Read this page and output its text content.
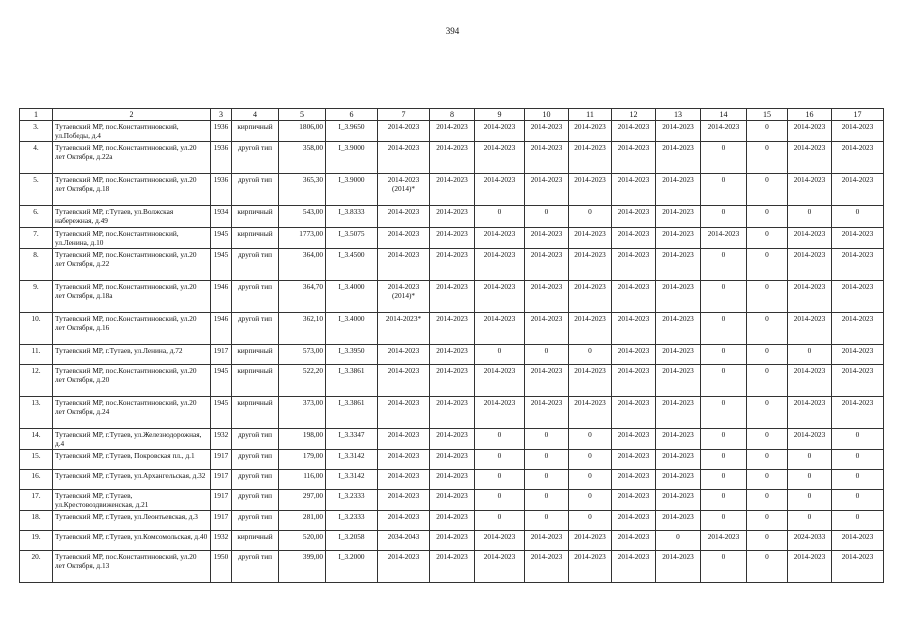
394
1	2	3	4	5	6	7	8	9	10	11	12	13	14	15	16	17
3.	Тутаевский МР, пос.Константиновский, ул.Победы, д.4	1936	кирпичный	1806,00	I_3.9650	2014-2023	2014-2023	2014-2023	2014-2023	2014-2023	2014-2023	2014-2023	2014-2023	0	2014-2023	2014-2023
4.	Тутаевский МР, пос.Константиновский, ул.20 лет Октября, д.22а	1936	другой тип	358,00	I_3.9000	2014-2023	2014-2023	2014-2023	2014-2023	2014-2023	2014-2023	2014-2023	0	0	2014-2023	2014-2023
5.	Тутаевский МР, пос.Константиновский, ул.20 лет Октября, д.18	1936	другой тип	365,30	I_3.9000	2014-2023 (2014)*	2014-2023	2014-2023	2014-2023	2014-2023	2014-2023	2014-2023	0	0	2014-2023	2014-2023
6.	Тутаевский МР, г.Тутаев, ул.Волжская набережная, д.49	1934	кирпичный	543,00	I_3.8333	2014-2023	2014-2023	0	0	0	2014-2023	2014-2023	0	0	0	0
7.	Тутаевский МР, пос.Константиновский, ул.Ленина, д.10	1945	кирпичный	1773,00	I_3.5075	2014-2023	2014-2023	2014-2023	2014-2023	2014-2023	2014-2023	2014-2023	2014-2023	0	2014-2023	2014-2023
8.	Тутаевский МР, пос.Константиновский, ул.20 лет Октября, д.22	1945	другой тип	364,00	I_3.4500	2014-2023	2014-2023	2014-2023	2014-2023	2014-2023	2014-2023	2014-2023	0	0	2014-2023	2014-2023
9.	Тутаевский МР, пос.Константиновский, ул.20 лет Октября, д.18а	1946	другой тип	364,70	I_3.4000	2014-2023 (2014)*	2014-2023	2014-2023	2014-2023	2014-2023	2014-2023	2014-2023	0	0	2014-2023	2014-2023
10.	Тутаевский МР, пос.Константиновский, ул.20 лет Октября, д.16	1946	другой тип	362,10	I_3.4000	2014-2023*	2014-2023	2014-2023	2014-2023	2014-2023	2014-2023	2014-2023	0	0	2014-2023	2014-2023
11.	Тутаевский МР, г.Тутаев, ул.Ленина, д.72	1917	кирпичный	573,00	I_3.3950	2014-2023	2014-2023	0	0	0	2014-2023	2014-2023	0	0	0	2014-2023
12.	Тутаевский МР, пос.Константиновский, ул.20 лет Октября, д.20	1945	кирпичный	522,20	I_3.3861	2014-2023	2014-2023	2014-2023	2014-2023	2014-2023	2014-2023	2014-2023	0	0	2014-2023	2014-2023
13.	Тутаевский МР, пос.Константиновский, ул.20 лет Октября, д.24	1945	кирпичный	373,00	I_3.3861	2014-2023	2014-2023	2014-2023	2014-2023	2014-2023	2014-2023	2014-2023	0	0	2014-2023	2014-2023
14.	Тутаевский МР, г.Тутаев, ул.Железнодорожная, д.4	1932	другой тип	198,00	I_3.3347	2014-2023	2014-2023	0	0	0	2014-2023	2014-2023	0	0	2014-2023	0
15.	Тутаевский МР, г.Тутаев, Покровская пл., д.1	1917	другой тип	179,00	I_3.3142	2014-2023	2014-2023	0	0	0	2014-2023	2014-2023	0	0	0	0
16.	Тутаевский МР, г.Тутаев, ул.Архангельская, д.32	1917	другой тип	116,00	I_3.3142	2014-2023	2014-2023	0	0	0	2014-2023	2014-2023	0	0	0	0
17.	Тутаевский МР, г.Тутаев, ул.Крестовоздвиженская, д.21	1917	другой тип	297,00	I_3.2333	2014-2023	2014-2023	0	0	0	2014-2023	2014-2023	0	0	0	0
18.	Тутаевский МР, г.Тутаев, ул.Леонтьевская, д.3	1917	другой тип	281,00	I_3.2333	2014-2023	2014-2023	0	0	0	2014-2023	2014-2023	0	0	0	0
19.	Тутаевский МР, г.Тутаев, ул.Комсомольская, д.40	1932	кирпичный	520,00	I_3.2058	2034-2043	2014-2023	2014-2023	2014-2023	2014-2023	2014-2023	0	2014-2023	0	2024-2033	2014-2023
20.	Тутаевский МР, пос.Константиновский, ул.20 лет Октября, д.13	1950	другой тип	399,00	I_3.2000	2014-2023	2014-2023	2014-2023	2014-2023	2014-2023	2014-2023	2014-2023	0	0	2014-2023	2014-2023
